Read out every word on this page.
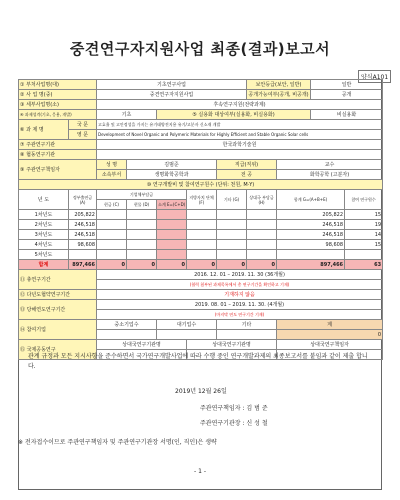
중견연구자지원사업 최종(결과)보고서
양식A101
① 부처사업명(대)		기초연구사업					보안등급(보안, 일반)		일반	
② 사 업 명(중)		중견연구자지원사업					공개가능여부(공개, 비공개)		공개	
③ 세부사업명(소)		후속연구지원(전략과제)								
④ 과제성격(기초, 응용, 개발)		기초		⑤ 실용화 대상여부(실용화, 비실용화)					비실용화	
⑥ 과 제 명	국 문	고효율 및 고안정성을 가지는 유기태양전지용 유기/고분자 신소재 개발								
	영 문	Development of Novel Organic and Polymeric Materials for Highly Efficient and Stable Organic Solar cells								
⑦ 주관연구기관		한국과학기술원								
⑧ 협동연구기관										
⑨ 주관연구책임자		성 명	김범준			직급(직위)		교수		
		소속부서	생명화학공학과			전 공		화학공학 (고분자)		
⑩ 연구개발비 및 참여연구원수 (단위: 천원, M·Y)										
년 도	정부출연금 (A)	기업체부담금			지방자치 단체 (F)	기타 (G)	상대국 부담금 (H)	합계 G=(A+B+E)		참여 연구원수
		현금 (C)	현물 (D)	소계 E=(C+D)						
1차년도	205,822							205,822		15
2차년도	246,518							246,518		19
3차년도	246,518							246,518		14
4차년도	98,608							98,608		15
5차년도										
합계	897,466	0	0	0	0	0	0	897,466		63
⑪ 총연구기간		2016. 12. 01 – 2019. 11. 30 (36개월)								
		(협력 첨부된 과제목록에서 총 연구기간을 확인하고 기재)								
⑫ 다년도협약연구기간		기재하지 않음								
⑬ 당해연도연구기간		2019. 08. 01 – 2019. 11. 30. (4개월)								
		(마지막 연도 연구기간 기재)								
⑭ 참여기업		중소기업수		대기업수		기타		계		
								0		
⑮ 국제공동연구		상대국연구기관명			상대국연구기관명			상대국연구책임자		

관계 규정과 모든 지시사항을 준수하면서 국가연구개발사업에 따라 수행 중인 연구개발과제의 최종보고서를 붙임과 같이 제출 합니다.
2019년 12월 26일
주관연구책임자 : 김 범 준
주관연구기관장 : 신 성 철
※ 전자접수이므로 주관연구책임자 및 주관연구기관장 서명(인, 직인)은 생략
- 1 -
